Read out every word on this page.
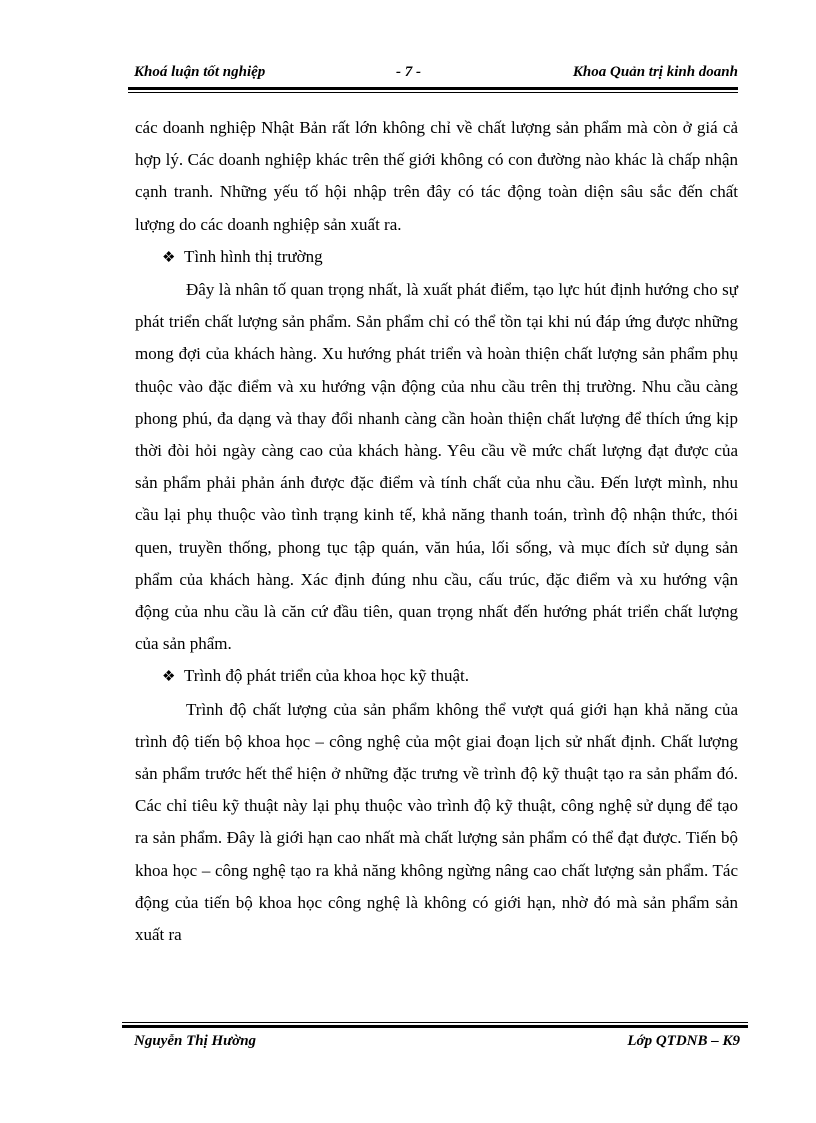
Khoá luận tốt nghiệp	- 7 -	Khoa Quản trị kinh doanh

các doanh nghiệp Nhật Bản rất lớn không chỉ về chất lượng sản phẩm mà còn ở giá cả hợp lý. Các doanh nghiệp khác trên thế giới không có con đường nào khác là chấp nhận cạnh tranh. Những yếu tố hội nhập trên đây có tác động toàn diện sâu sắc đến chất lượng do các doanh nghiệp sản xuất ra.

❖ Tình hình thị trường

Đây là nhân tố quan trọng nhất, là xuất phát điểm, tạo lực hút định hướng cho sự phát triển chất lượng sản phẩm. Sản phẩm chỉ có thể tồn tại khi nú đáp ứng được những mong đợi của khách hàng. Xu hướng phát triển và hoàn thiện chất lượng sản phẩm phụ thuộc vào đặc điểm và xu hướng vận động của nhu cầu trên thị trường. Nhu cầu càng phong phú, đa dạng và thay đổi nhanh càng cần hoàn thiện chất lượng để thích ứng kịp thời đòi hỏi ngày càng cao của khách hàng. Yêu cầu về mức chất lượng đạt được của sản phẩm phải phản ánh được đặc điểm và tính chất của nhu cầu. Đến lượt mình, nhu cầu lại phụ thuộc vào tình trạng kinh tế, khả năng thanh toán, trình độ nhận thức, thói quen, truyền thống, phong tục tập quán, văn húa, lối sống, và mục đích sử dụng sản phẩm của khách hàng. Xác định đúng nhu cầu, cấu trúc, đặc điểm và xu hướng vận động của nhu cầu là căn cứ đầu tiên, quan trọng nhất đến hướng phát triển chất lượng của sản phẩm.

❖ Trình độ phát triển của khoa học kỹ thuật.

Trình độ chất lượng của sản phẩm không thể vượt quá giới hạn khả năng của trình độ tiến bộ khoa học – công nghệ của một giai đoạn lịch sử nhất định. Chất lượng sản phẩm trước hết thể hiện ở những đặc trưng về trình độ kỹ thuật tạo ra sản phẩm đó. Các chỉ tiêu kỹ thuật này lại phụ thuộc vào trình độ kỹ thuật, công nghệ sử dụng để tạo ra sản phẩm. Đây là giới hạn cao nhất mà chất lượng sản phẩm có thể đạt được. Tiến bộ khoa học – công nghệ tạo ra khả năng không ngừng nâng cao chất lượng sản phẩm. Tác động của tiến bộ khoa học công nghệ là không có giới hạn, nhờ đó mà sản phẩm sản xuất ra

Nguyễn Thị Hường	Lớp QTDNB – K9
